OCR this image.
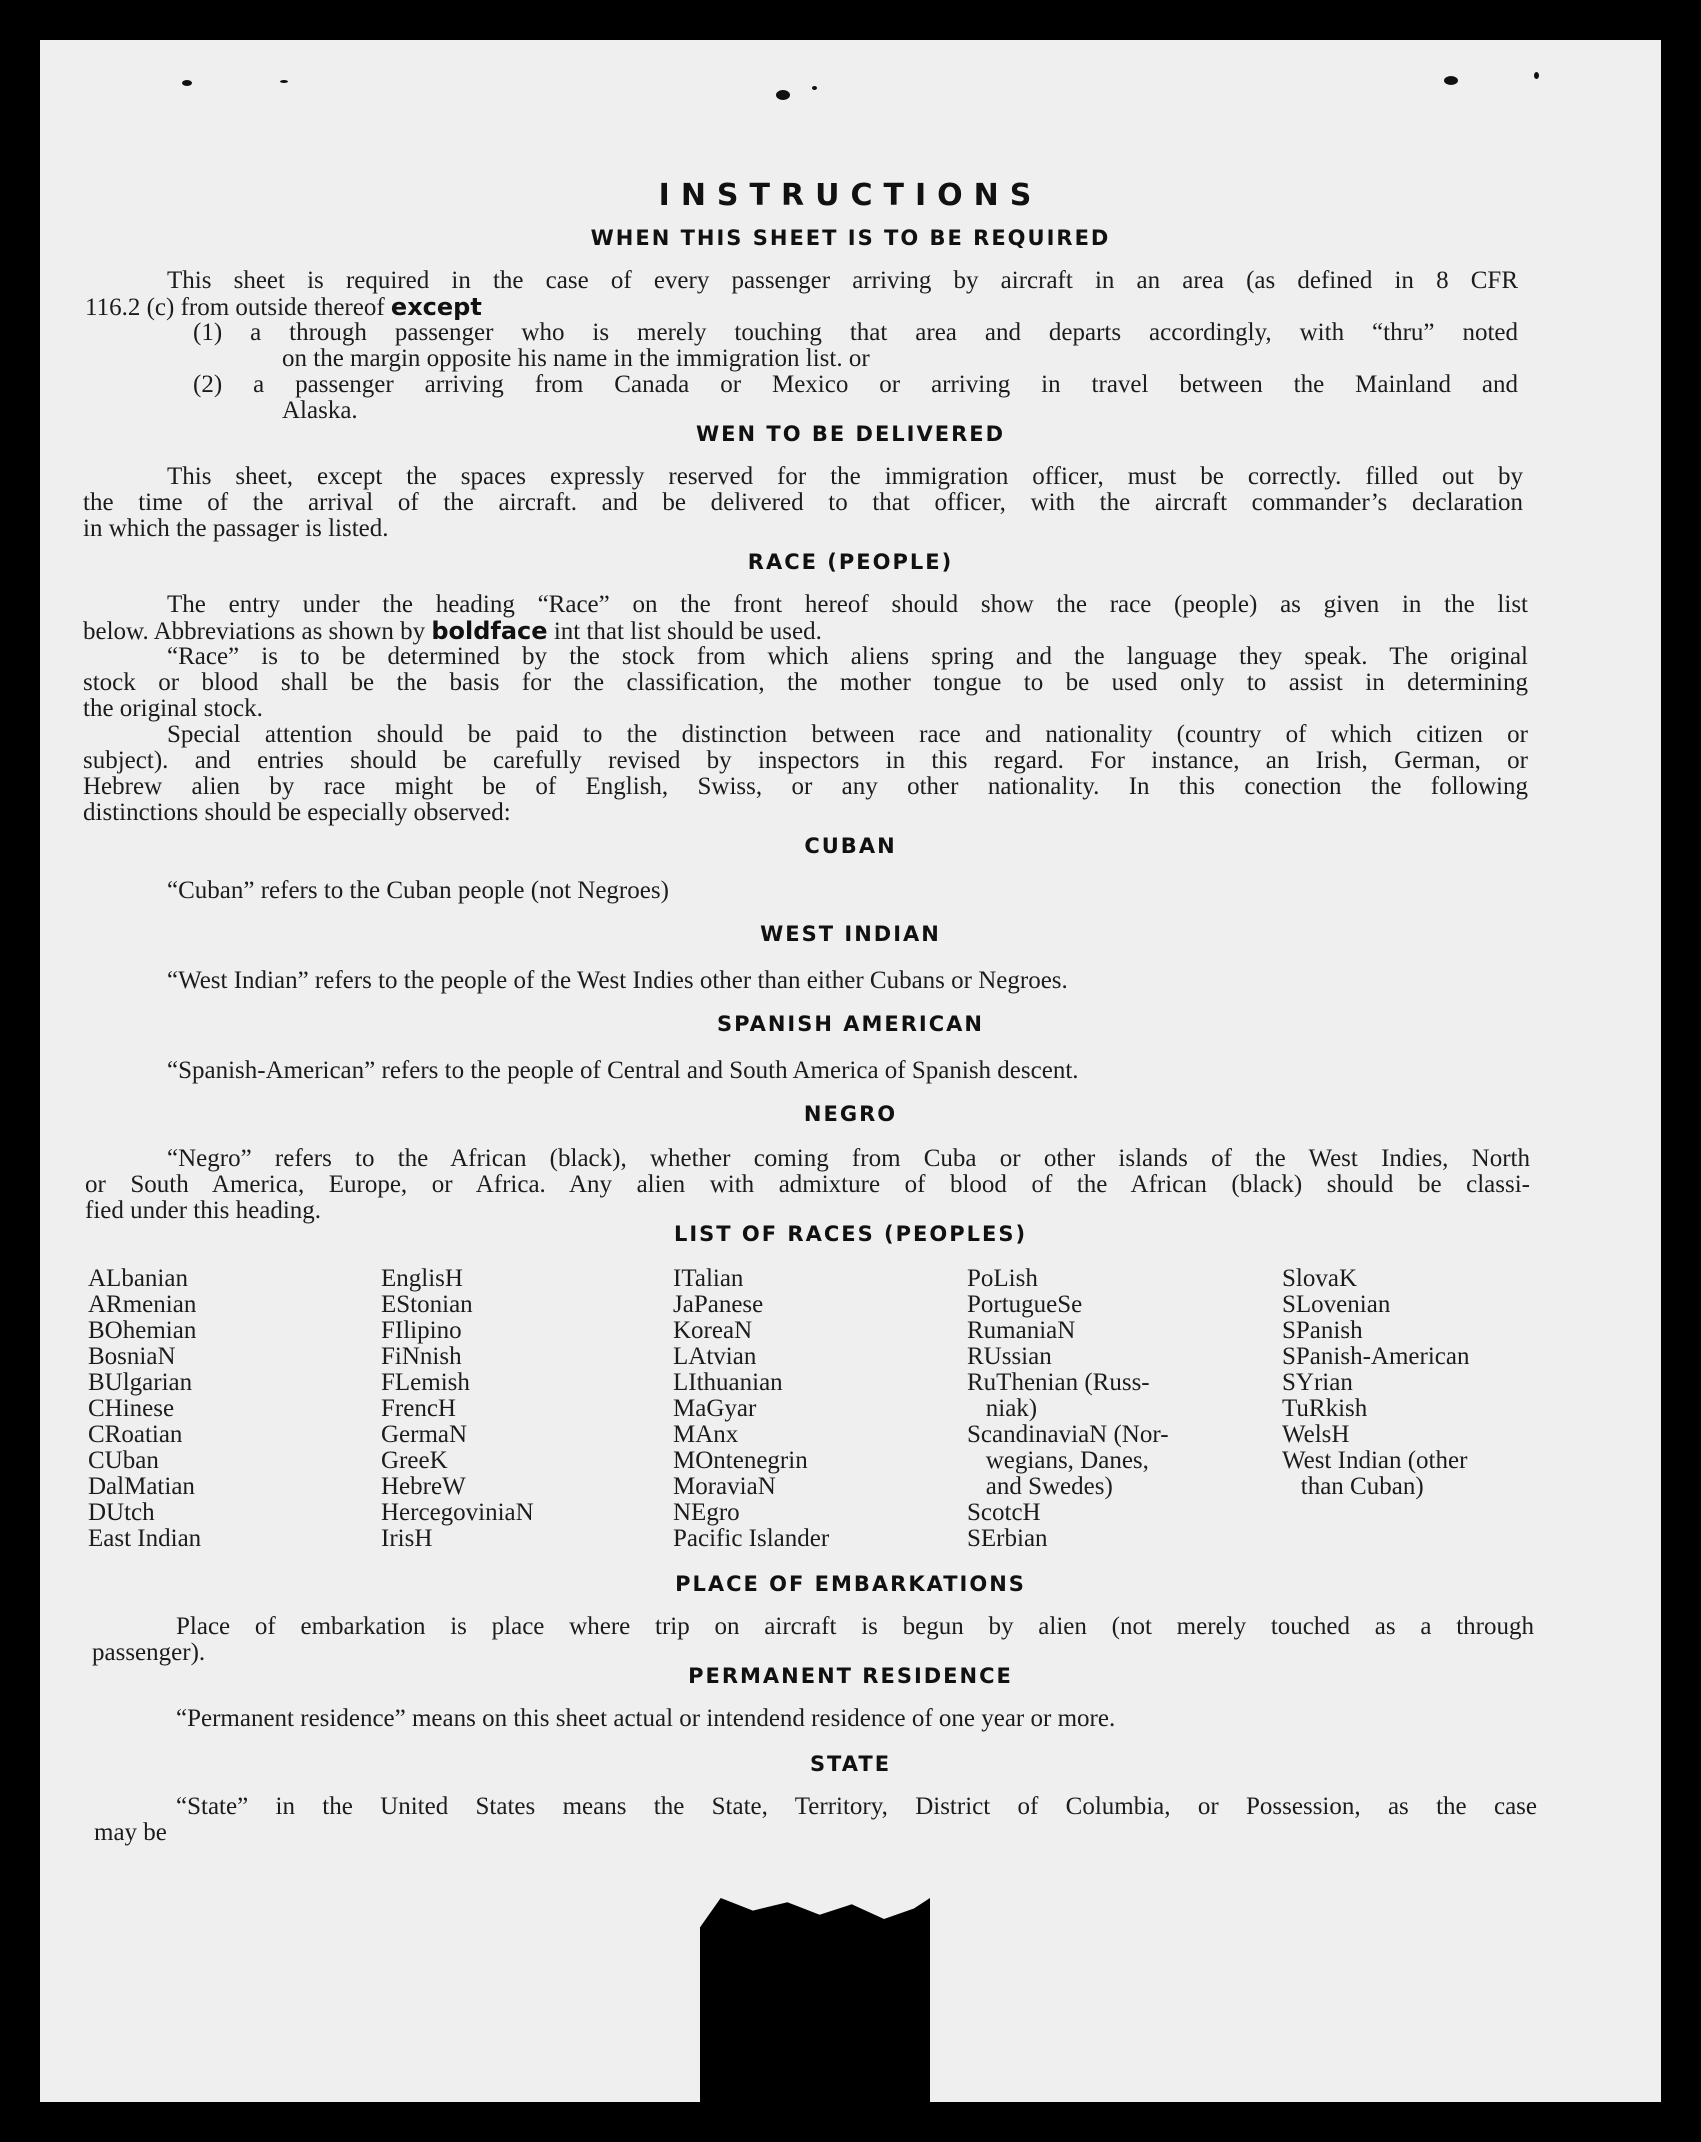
INSTRUCTIONS
WHEN THIS SHEET IS TO BE REQUIRED
This sheet is required in the case of every passenger arriving by aircraft in an area (as defined in 8 CFR
116.2 (c) from outside thereof except
(1) a through passenger who is merely touching that area and departs accordingly, with “thru” noted
on the margin opposite his name in the immigration list. or
(2) a passenger arriving from Canada or Mexico or arriving in travel between the Mainland and
Alaska.
WEN TO BE DELIVERED
This sheet, except the spaces expressly reserved for the immigration officer, must be correctly. filled out by
the time of the arrival of the aircraft. and be delivered to that officer, with the aircraft commander’s declaration
in which the passager is listed.
RACE (PEOPLE)
The entry under the heading “Race” on the front hereof should show the race (people) as given in the list
below. Abbreviations as shown by boldface int that list should be used.
“Race” is to be determined by the stock from which aliens spring and the language they speak. The original
stock or blood shall be the basis for the classification, the mother tongue to be used only to assist in determining
the original stock.
Special attention should be paid to the distinction between race and nationality (country of which citizen or
subject). and entries should be carefully revised by inspectors in this regard. For instance, an Irish, German, or
Hebrew alien by race might be of English, Swiss, or any other nationality. In this conection the following
distinctions should be especially observed:
CUBAN
“Cuban” refers to the Cuban people (not Negroes)
WEST INDIAN
“West Indian” refers to the people of the West Indies other than either Cubans or Negroes.
SPANISH AMERICAN
“Spanish-American” refers to the people of Central and South America of Spanish descent.
NEGRO
“Negro” refers to the African (black), whether coming from Cuba or other islands of the West Indies, North
or South America, Europe, or Africa. Any alien with admixture of blood of the African (black) should be classi-
fied under this heading.
LIST OF RACES (PEOPLES)
ALbanian
ARmenian
BOhemian
BosniaN
BUlgarian
CHinese
CRoatian
CUban
DalMatian
DUtch
East Indian
EnglisH
EStonian
FIlipino
FiNnish
FLemish
FrencH
GermaN
GreeK
HebreW
HercegoviniaN
IrisH
ITalian
JaPanese
KoreaN
LAtvian
LIthuanian
MaGyar
MAnx
MOntenegrin
MoraviaN
NEgro
Pacific Islander
PoLish
PortugueSe
RumaniaN
RUssian
RuThenian (Russ-
niak)
ScandinaviaN (Nor-
wegians, Danes,
and Swedes)
ScotcH
SErbian
SlovaK
SLovenian
SPanish
SPanish-American
SYrian
TuRkish
WelsH
West Indian (other
than Cuban)
PLACE OF EMBARKATIONS
Place of embarkation is place where trip on aircraft is begun by alien (not merely touched as a through
passenger).
PERMANENT RESIDENCE
“Permanent residence” means on this sheet actual or intendend residence of one year or more.
STATE
“State” in the United States means the State, Territory, District of Columbia, or Possession, as the case
may be
